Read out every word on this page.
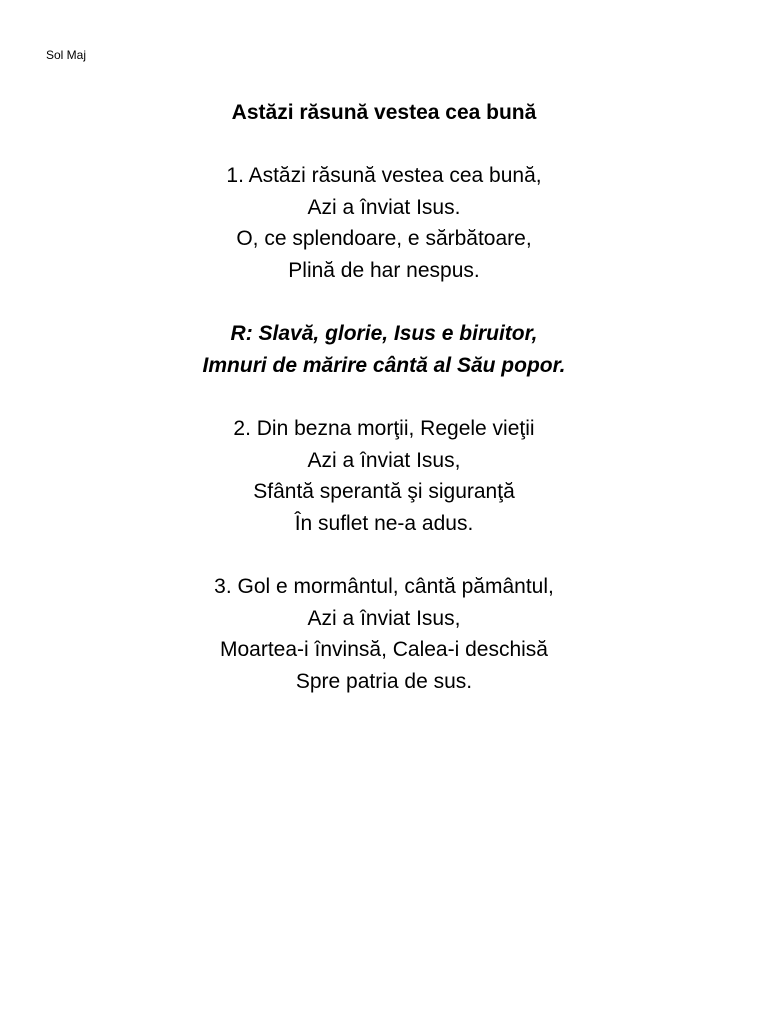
Sol Maj
Astăzi răsună vestea cea bună
1. Astăzi răsună vestea cea bună,
Azi a înviat Isus.
O, ce splendoare, e sărbătoare,
Plină de har nespus.
R: Slavă, glorie, Isus e biruitor,
Imnuri de mărire cântă al Său popor.
2. Din bezna morţii, Regele vieţii
Azi a înviat Isus,
Sfântă sperantă şi siguranţă
În suflet ne-a adus.
3. Gol e mormântul, cântă pământul,
Azi a înviat Isus,
Moartea-i învinsă, Calea-i deschisă
Spre patria de sus.
